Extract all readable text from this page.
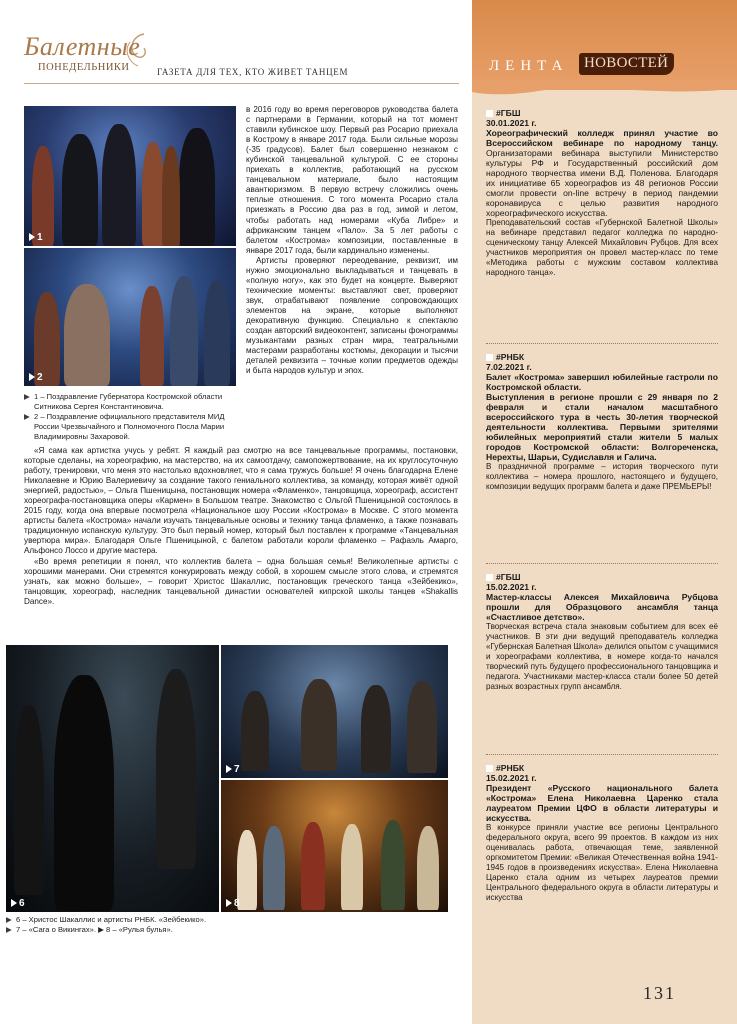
Балетные
ПОНЕДЕЛЬНИКИ	ГАЗЕТА ДЛЯ ТЕХ, КТО ЖИВЕТ ТАНЦЕМ
1
2
▶ 1 – Поздравление Губернатора Костромской области Ситникова Сергея Константиновича.
▶ 2 – Поздравление официального представителя МИД России Чрезвычайного и Полномочного Посла Марии Владимировны Захаровой.

в 2016 году во время переговоров руководства балета с партнерами в Германии, который на тот момент ставили кубинское шоу. Первый раз Росарио приехала в Кострому в январе 2017 года. Были сильные морозы (-35 градусов). Балет был совершенно незнаком с кубинской танцевальной культурой. С ее стороны приехать в коллектив, работающий на русском танцевальном материале, было настоящим авантюризмом. В первую встречу сложились очень теплые отношения. С того момента Росарио стала приезжать в Россию два раз в год, зимой и летом, чтобы работать над номерами «Куба Либре» и африканским танцем «Пало». За 5 лет работы с балетом «Кострома» композиции, поставленные в январе 2017 года, были кардинально изменены.

Артисты проверяют переодевание, реквизит, им нужно эмоционально выкладываться и танцевать в «полную ногу», как это будет на концерте. Выверяют технические моменты: выставляют свет, проверяют звук, отрабатывают появление сопровождающих элементов на экране, которые выполняют декоративную функцию. Специально к спектаклю создан авторский видеоконтент, записаны фонограммы музыкантами разных стран мира, театральными мастерами разработаны костюмы, декорации и тысячи деталей реквизита – точные копии предметов одежды и быта народов культур и эпох.

«Я сама как артистка учусь у ребят. Я каждый раз смотрю на все танцевальные программы, постановки, которые сделаны, на хореографию, на мастерство, на их самоотдачу, самопожертвование, на их круглосуточную работу, тренировки, что меня это настолько вдохновляет, что я сама тружусь больше! Я очень благодарна Елене Николаевне и Юрию Валериевичу за создание такого гениального коллектива, за команду, которая живёт одной энергией, радостью», – Ольга Пшеницына, постановщик номера «Фламенко», танцовщица, хореограф, ассистент хореографа-постановщика оперы «Кармен» в Большом театре. Знакомство с Ольгой Пшеницыной состоялось в 2015 году, когда она впервые посмотрела «Национальное шоу России «Кострома» в Москве. С этого момента артисты балета «Кострома» начали изучать танцевальные основы и технику танца фламенко, а также познавать традиционную испанскую культуру. Это был первый номер, который был поставлен к программе «Танцевальная увертюра мира». Благодаря Ольге Пшеницыной, с балетом работали короли фламенко – Рафаэль Амарго, Альфонсо Лоссо и другие мастера.

«Во время репетиции я понял, что коллектив балета – одна большая семья! Великолепные артисты с хорошими манерами. Они стремятся конкурировать между собой, в хорошем смысле этого слова, и стремятся узнать, как можно больше», – говорит Христос Шакаллис, постановщик греческого танца «Зейбекико», танцовщик, хореограф, наследник танцевальной династии основателей кипрской школы танцев «Shakallis Dance».

6
7
8
▶ 6 – Христос Шакаллис и артисты РНБК. «Зейбекико».
▶ 7 – «Сага о Викингах». ▶ 8 – «Рулья булья».
ЛЕНТА	НОВОСТЕЙ

#ГБШ

30.01.2021 г.

Хореографический колледж принял участие во Всероссийском вебинаре по народному танцу. Организаторами вебинара выступили Министерство культуры РФ и Государственный российский дом народного творчества имени В.Д. Поленова. Благодаря их инициативе 65 хореографов из 48 регионов России смогли провести on-line встречу в период пандемии коронавируса с целью развития народного хореографического искусства.

Преподавательский состав «Губернской Балетной Школы» на вебинаре представил педагог колледжа по народно-сценическому танцу Алексей Михайлович Рубцов. Для всех участников мероприятия он провел мастер-класс по теме «Методика работы с мужским составом коллектива народного танца».

#РНБК

7.02.2021 г.

Балет «Кострома» завершил юбилейные гастроли по Костромской области.

Выступления в регионе прошли с 29 января по 2 февраля и стали началом масштабного всероссийского тура в честь 30-летия творческой деятельности коллектива. Первыми зрителями юбилейных мероприятий стали жители 5 малых городов Костромской области: Волгореченска, Нерехты, Шарьи, Судиславля и Галича.

В праздничной программе – история творческого пути коллектива – номера прошлого, настоящего и будущего, композиции ведущих программ балета и даже ПРЕМЬЕРЫ!

#ГБШ

15.02.2021 г.

Мастер-классы Алексея Михайловича Рубцова прошли для Образцового ансамбля танца «Счастливое детство».

Творческая встреча стала знаковым событием для всех её участников. В эти дни ведущий преподаватель колледжа «Губернская Балетная Школа» делился опытом с учащимися и хореографами коллектива, в номере когда-то начался творческий путь будущего профессионального танцовщика и педагога. Участниками мастер-класса стали более 50 детей разных возрастных групп ансамбля.

#РНБК

15.02.2021 г.

Президент «Русского национального балета «Кострома» Елена Николаевна Царенко стала лауреатом Премии ЦФО в области литературы и искусства.

В конкурсе приняли участие все регионы Центрального федерального округа, всего 99 проектов. В каждом из них оценивалась работа, отвечающая теме, заявленной оргкомитетом Премии: «Великая Отечественная война 1941-1945 годов в произведениях искусства». Елена Николаевна Царенко стала одним из четырех лауреатов премии Центрального федерального округа в области литературы и искусства

131
